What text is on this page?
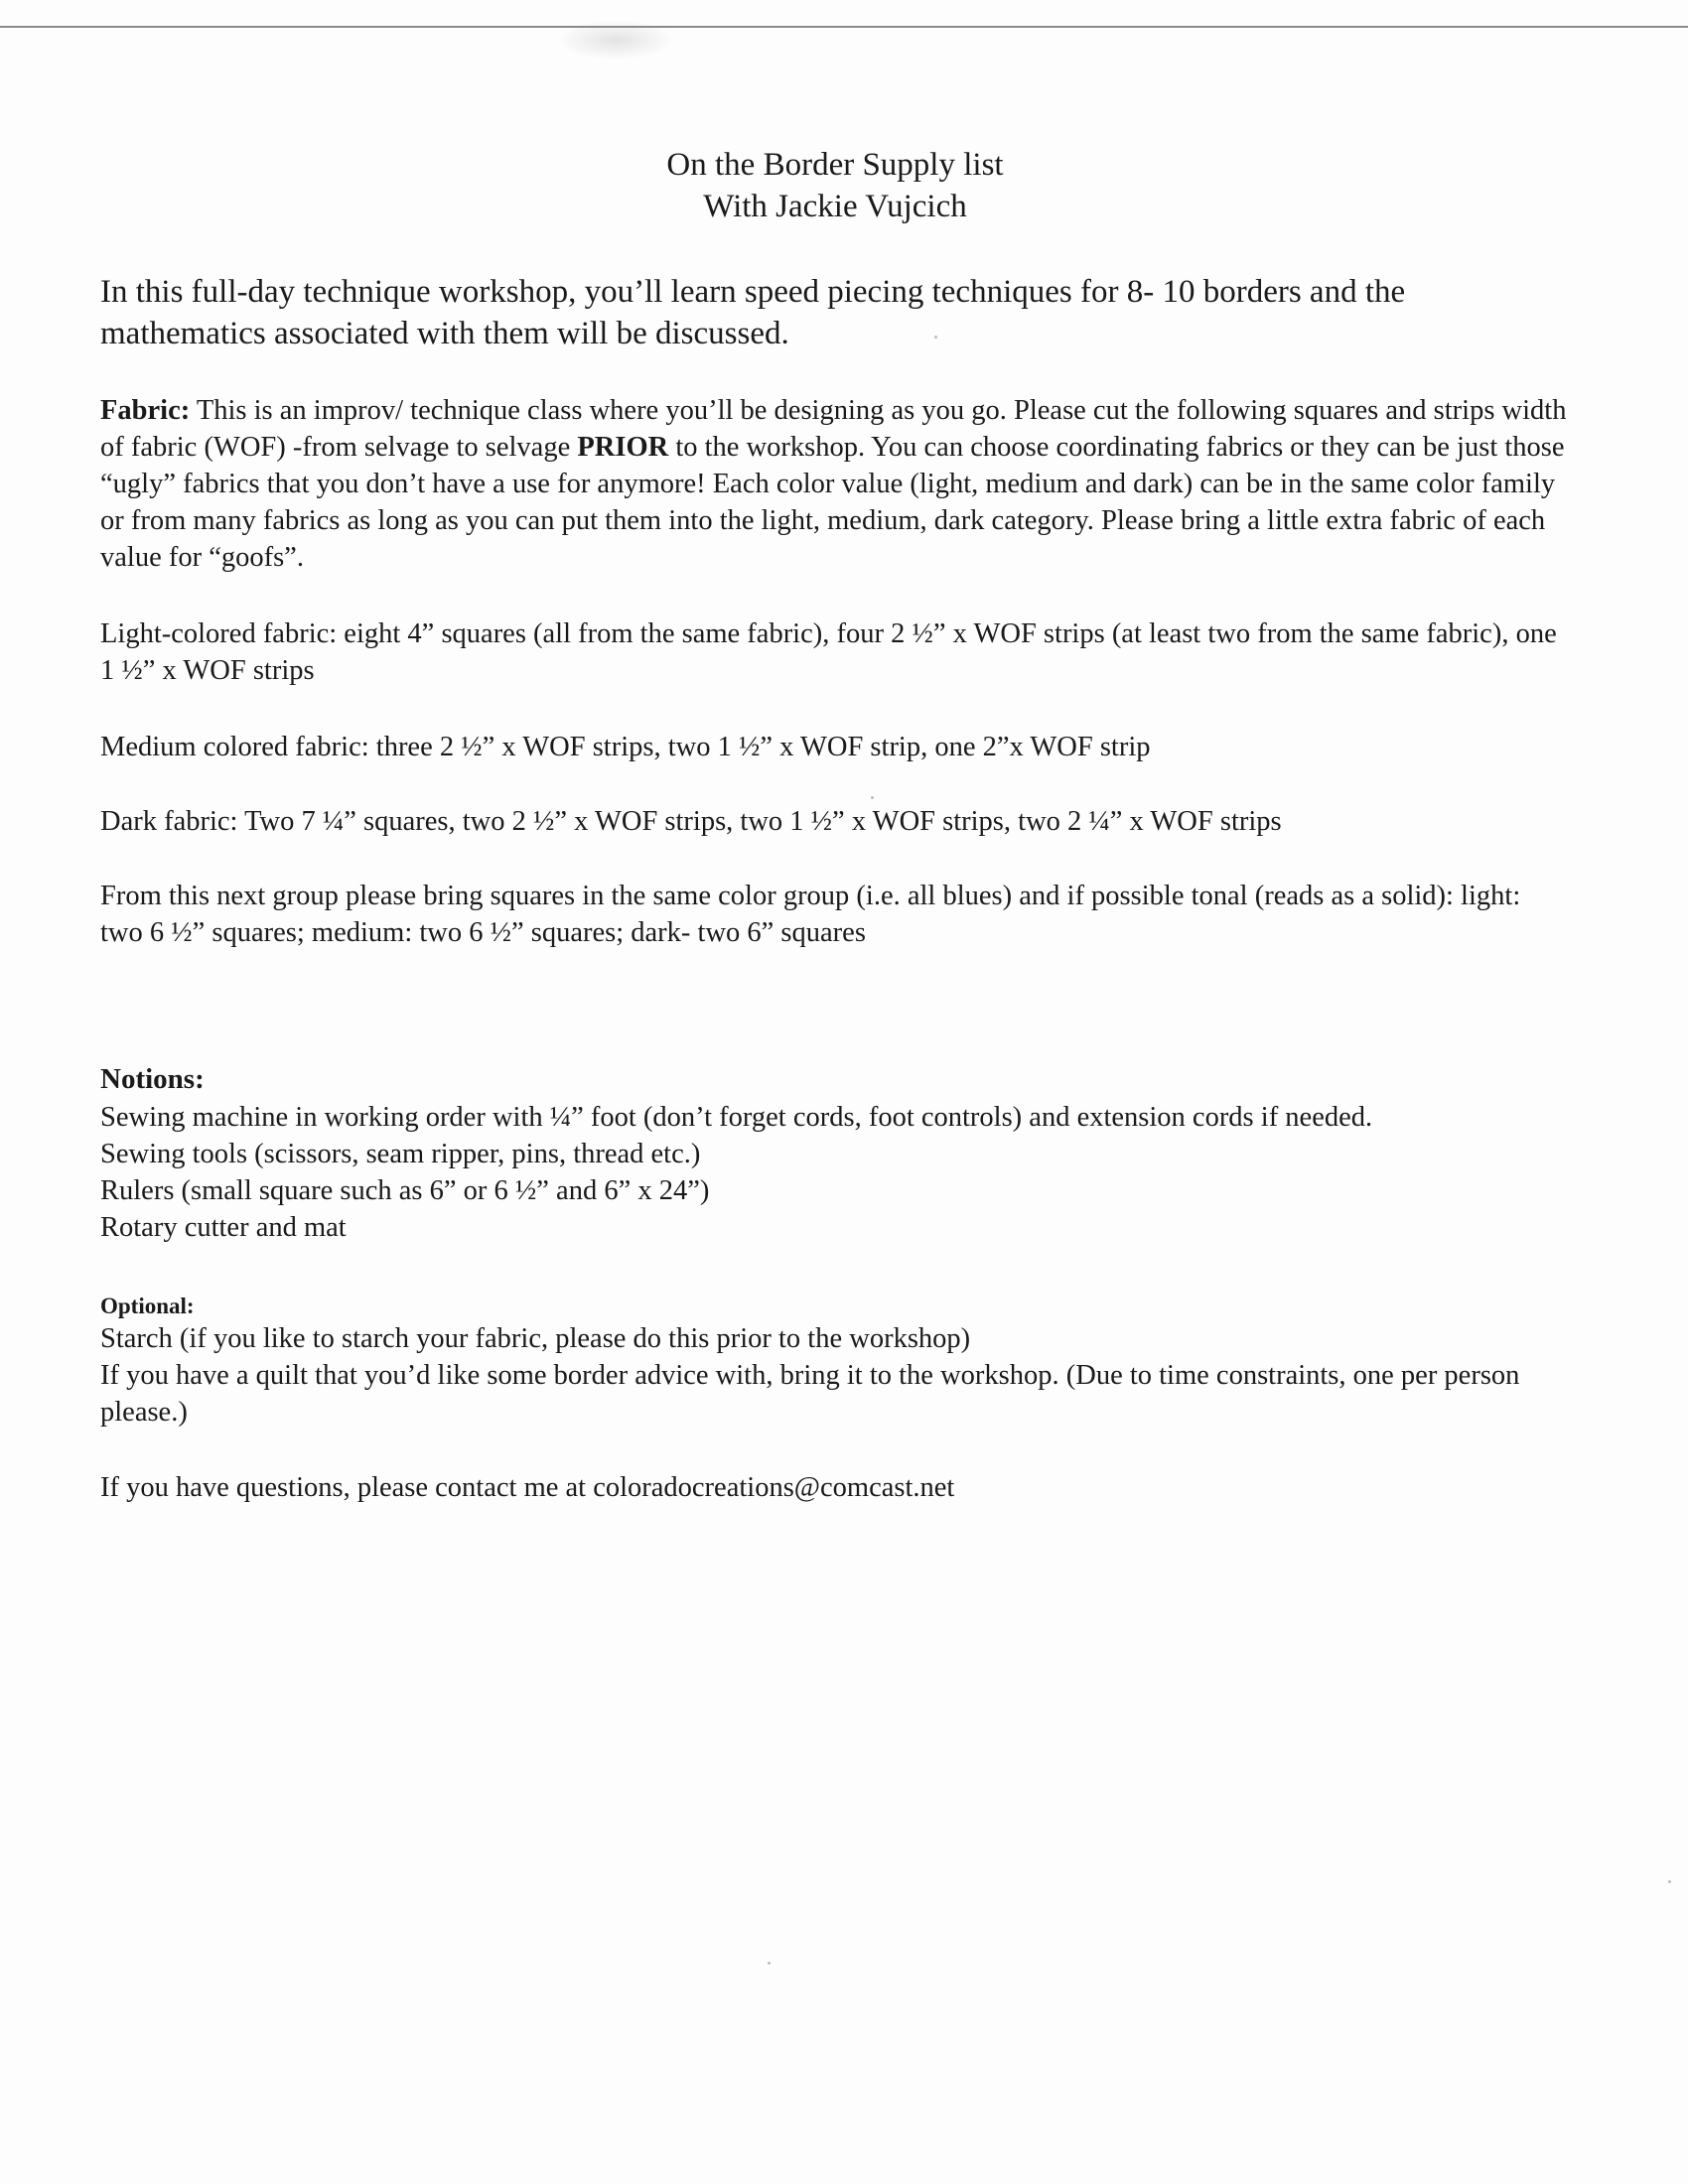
On the Border Supply list
With Jackie Vujcich
In this full-day technique workshop, you’ll learn speed piecing techniques for 8- 10 borders and the mathematics associated with them will be discussed.
Fabric: This is an improv/ technique class where you’ll be designing as you go. Please cut the following squares and strips width of fabric (WOF) -from selvage to selvage PRIOR to the workshop. You can choose coordinating fabrics or they can be just those “ugly” fabrics that you don’t have a use for anymore! Each color value (light, medium and dark) can be in the same color family or from many fabrics as long as you can put them into the light, medium, dark category. Please bring a little extra fabric of each value for “goofs”.
Light-colored fabric: eight 4” squares (all from the same fabric), four 2 ½” x WOF strips (at least two from the same fabric), one 1 ½” x WOF strips
Medium colored fabric: three 2 ½” x WOF strips, two 1 ½” x WOF strip, one 2”x WOF strip
Dark fabric: Two 7 ¼” squares, two 2 ½” x WOF strips, two 1 ½” x WOF strips, two 2 ¼” x WOF strips
From this next group please bring squares in the same color group (i.e. all blues) and if possible tonal (reads as a solid): light: two 6 ½” squares; medium: two 6 ½” squares; dark- two 6” squares
Notions:
Sewing machine in working order with ¼” foot (don’t forget cords, foot controls) and extension cords if needed.
Sewing tools (scissors, seam ripper, pins, thread etc.)
Rulers (small square such as 6” or 6 ½” and 6” x 24”)
Rotary cutter and mat
Optional:
Starch (if you like to starch your fabric, please do this prior to the workshop)
If you have a quilt that you’d like some border advice with, bring it to the workshop. (Due to time constraints, one per person please.)
If you have questions, please contact me at coloradocreations@comcast.net
